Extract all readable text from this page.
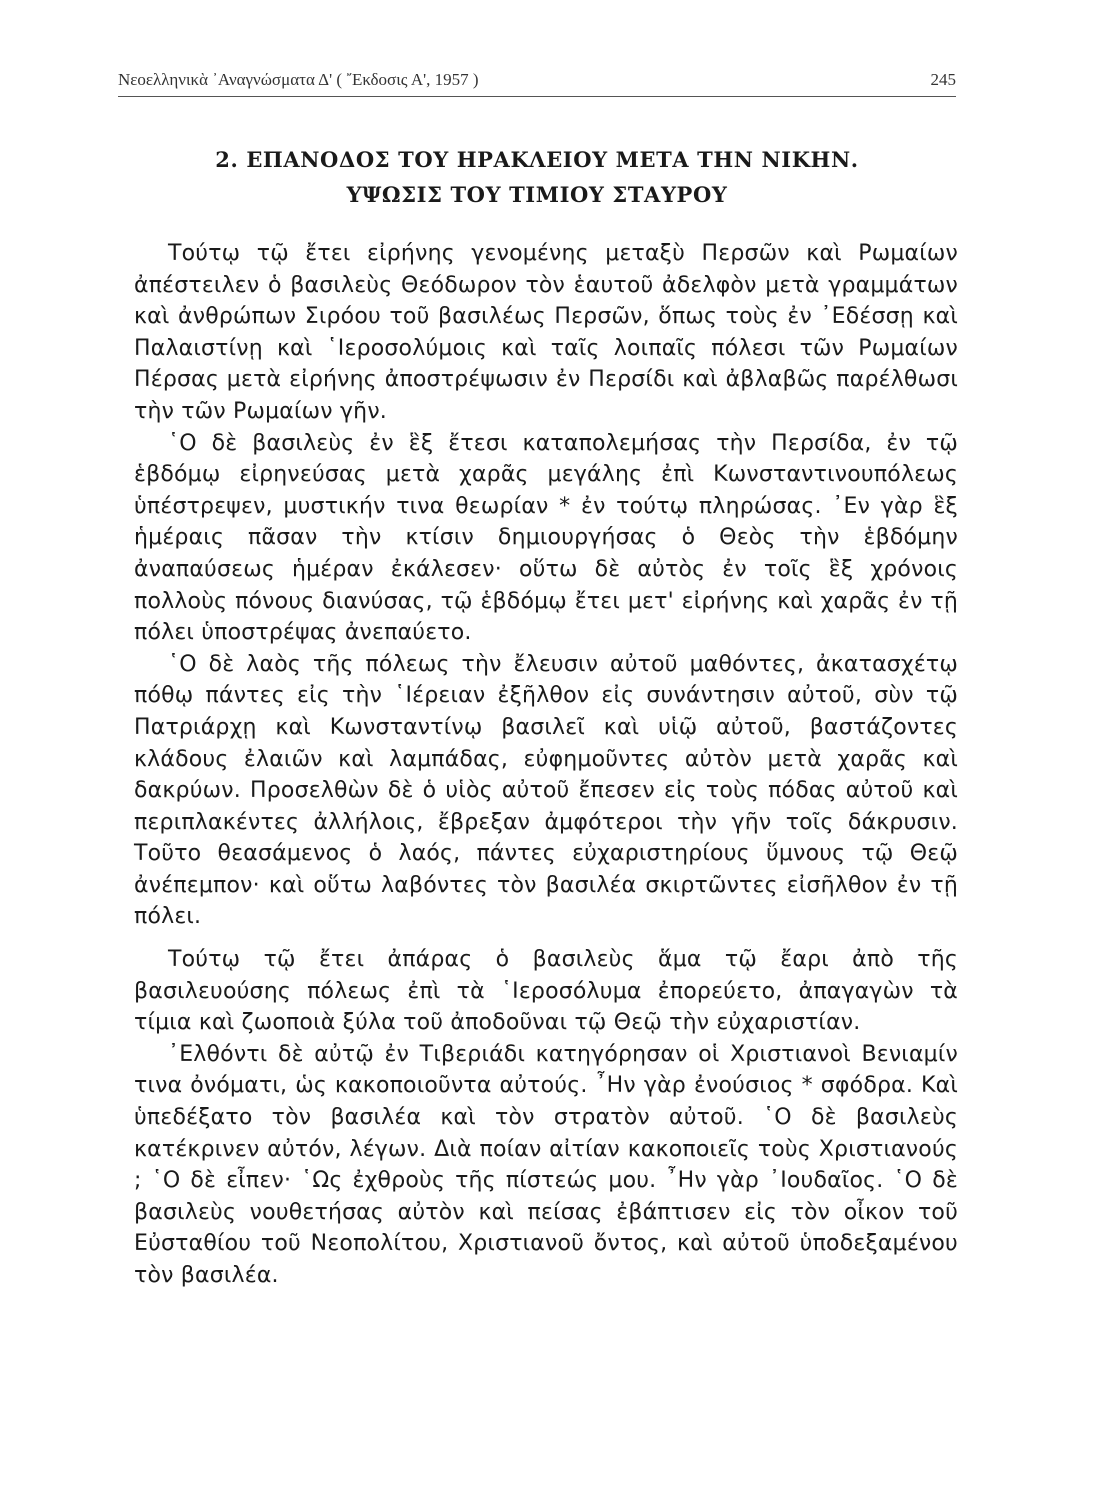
Νεοελληνικὰ ᾿Αναγνώσματα Δ' ( ῎Εκδοσις Α', 1957 )	245
2. ΕΠΑΝΟΔΟΣ ΤΟΥ ΗΡΑΚΛΕΙΟΥ ΜΕΤΑ ΤΗΝ ΝΙΚΗΝ.
ΥΨΩΣΙΣ ΤΟΥ ΤΙΜΙΟΥ ΣΤΑΥΡΟΥ

Τούτῳ τῷ ἔτει εἰρήνης γενομένης μεταξὺ Περσῶν καὶ Ρωμαίων ἀπέστειλεν ὁ βασιλεὺς Θεόδωρον τὸν ἑαυτοῦ ἀδελφὸν μετὰ γραμμάτων καὶ ἀνθρώπων Σιρόου τοῦ βασιλέως Περσῶν, ὅπως τοὺς ἐν ᾿Εδέσσῃ καὶ Παλαιστίνῃ καὶ ῾Ιεροσολύμοις καὶ ταῖς λοιπαῖς πόλεσι τῶν Ρωμαίων Πέρσας μετὰ εἰρήνης ἀποστρέψωσιν ἐν Περσίδι καὶ ἀβλαβῶς παρέλθωσι τὴν τῶν Ρωμαίων γῆν.

῾Ο δὲ βασιλεὺς ἐν ἓξ ἔτεσι καταπολεμήσας τὴν Περσίδα, ἐν τῷ ἑβδόμῳ εἰρηνεύσας μετὰ χαρᾶς μεγάλης ἐπὶ Κωνσταντινουπόλεως ὑπέστρεψεν, μυστικήν τινα θεωρίαν * ἐν τούτῳ πληρώσας. ᾿Εν γὰρ ἓξ ἡμέραις πᾶσαν τὴν κτίσιν δημιουργήσας ὁ Θεὸς τὴν ἑβδόμην ἀναπαύσεως ἡμέραν ἐκάλεσεν· οὕτω δὲ αὐτὸς ἐν τοῖς ἓξ χρόνοις πολλοὺς πόνους διανύσας, τῷ ἑβδόμῳ ἔτει μετ' εἰρήνης καὶ χαρᾶς ἐν τῇ πόλει ὑποστρέψας ἀνεπαύετο.

῾Ο δὲ λαὸς τῆς πόλεως τὴν ἔλευσιν αὐτοῦ μαθόντες, ἀκατασχέτῳ πόθῳ πάντες εἰς τὴν ῾Ιέρειαν ἐξῆλθον εἰς συνάντησιν αὐτοῦ, σὺν τῷ Πατριάρχῃ καὶ Κωνσταντίνῳ βασιλεῖ καὶ υἱῷ αὐτοῦ, βαστάζοντες κλάδους ἐλαιῶν καὶ λαμπάδας, εὐφημοῦντες αὐτὸν μετὰ χαρᾶς καὶ δακρύων. Προσελθὼν δὲ ὁ υἱὸς αὐτοῦ ἔπεσεν εἰς τοὺς πόδας αὐτοῦ καὶ περιπλακέντες ἀλλήλοις, ἔβρεξαν ἀμφότεροι τὴν γῆν τοῖς δάκρυσιν. Τοῦτο θεασάμενος ὁ λαός, πάντες εὐχαριστηρίους ὕμνους τῷ Θεῷ ἀνέπεμπον· καὶ οὕτω λαβόντες τὸν βασιλέα σκιρτῶντες εἰσῆλθον ἐν τῇ πόλει.

Τούτῳ τῷ ἔτει ἀπάρας ὁ βασιλεὺς ἅμα τῷ ἔαρι ἀπὸ τῆς βασιλευούσης πόλεως ἐπὶ τὰ ῾Ιεροσόλυμα ἐπορεύετο, ἀπαγαγὼν τὰ τίμια καὶ ζωοποιὰ ξύλα τοῦ ἀποδοῦναι τῷ Θεῷ τὴν εὐχαριστίαν.

᾿Ελθόντι δὲ αὐτῷ ἐν Τιβεριάδι κατηγόρησαν οἱ Χριστιανοὶ Βενιαμίν τινα ὀνόματι, ὡς κακοποιοῦντα αὐτούς. ῏Ην γὰρ ἐνούσιος * σφόδρα. Καὶ ὑπεδέξατο τὸν βασιλέα καὶ τὸν στρατὸν αὐτοῦ. ῾Ο δὲ βασιλεὺς κατέκρινεν αὐτόν, λέγων. Διὰ ποίαν αἰτίαν κακοποιεῖς τοὺς Χριστιανούς ; ῾Ο δὲ εἶπεν· ῾Ως ἐχθροὺς τῆς πίστεώς μου. ῏Ην γὰρ ᾿Ιουδαῖος. ῾Ο δὲ βασιλεὺς νουθετήσας αὐτὸν καὶ πείσας ἐβάπτισεν εἰς τὸν οἶκον τοῦ Εὐσταθίου τοῦ Νεοπολίτου, Χριστιανοῦ ὄντος, καὶ αὐτοῦ ὑποδεξαμένου τὸν βασιλέα.
